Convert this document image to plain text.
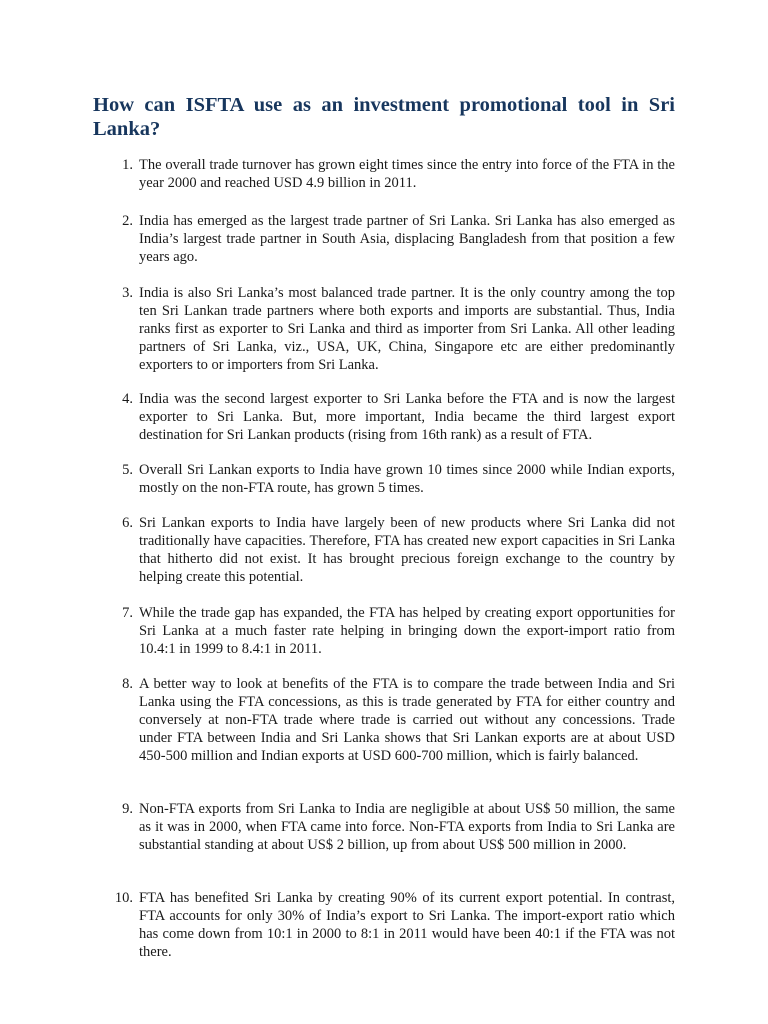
How can ISFTA use as an investment promotional tool in Sri Lanka?
1. The overall trade turnover has grown eight times since the entry into force of the FTA in the year 2000 and reached USD 4.9 billion in 2011.

2. India has emerged as the largest trade partner of Sri Lanka. Sri Lanka has also emerged as India’s largest trade partner in South Asia, displacing Bangladesh from that position a few years ago.

3. India is also Sri Lanka’s most balanced trade partner. It is the only country among the top ten Sri Lankan trade partners where both exports and imports are substantial. Thus, India ranks first as exporter to Sri Lanka and third as importer from Sri Lanka. All other leading partners of Sri Lanka, viz., USA, UK, China, Singapore etc are either predominantly exporters to or importers from Sri Lanka.

4. India was the second largest exporter to Sri Lanka before the FTA and is now the largest exporter to Sri Lanka. But, more important, India became the third largest export destination for Sri Lankan products (rising from 16th rank) as a result of FTA.

5. Overall Sri Lankan exports to India have grown 10 times since 2000 while Indian exports, mostly on the non-FTA route, has grown 5 times.

6. Sri Lankan exports to India have largely been of new products where Sri Lanka did not traditionally have capacities. Therefore, FTA has created new export capacities in Sri Lanka that hitherto did not exist. It has brought precious foreign exchange to the country by helping create this potential.

7. While the trade gap has expanded, the FTA has helped by creating export opportunities for Sri Lanka at a much faster rate helping in bringing down the export-import ratio from 10.4:1 in 1999 to 8.4:1 in 2011.

8. A better way to look at benefits of the FTA is to compare the trade between India and Sri Lanka using the FTA concessions, as this is trade generated by FTA for either country and conversely at non-FTA trade where trade is carried out without any concessions. Trade under FTA between India and Sri Lanka shows that Sri Lankan exports are at about USD 450-500 million and Indian exports at USD 600-700 million, which is fairly balanced.

9. Non-FTA exports from Sri Lanka to India are negligible at about US$ 50 million, the same as it was in 2000, when FTA came into force. Non-FTA exports from India to Sri Lanka are substantial standing at about US$ 2 billion, up from about US$ 500 million in 2000.

10. FTA has benefited Sri Lanka by creating 90% of its current export potential. In contrast, FTA accounts for only 30% of India’s export to Sri Lanka. The import-export ratio which has come down from 10:1 in 2000 to 8:1 in 2011 would have been 40:1 if the FTA was not there.
